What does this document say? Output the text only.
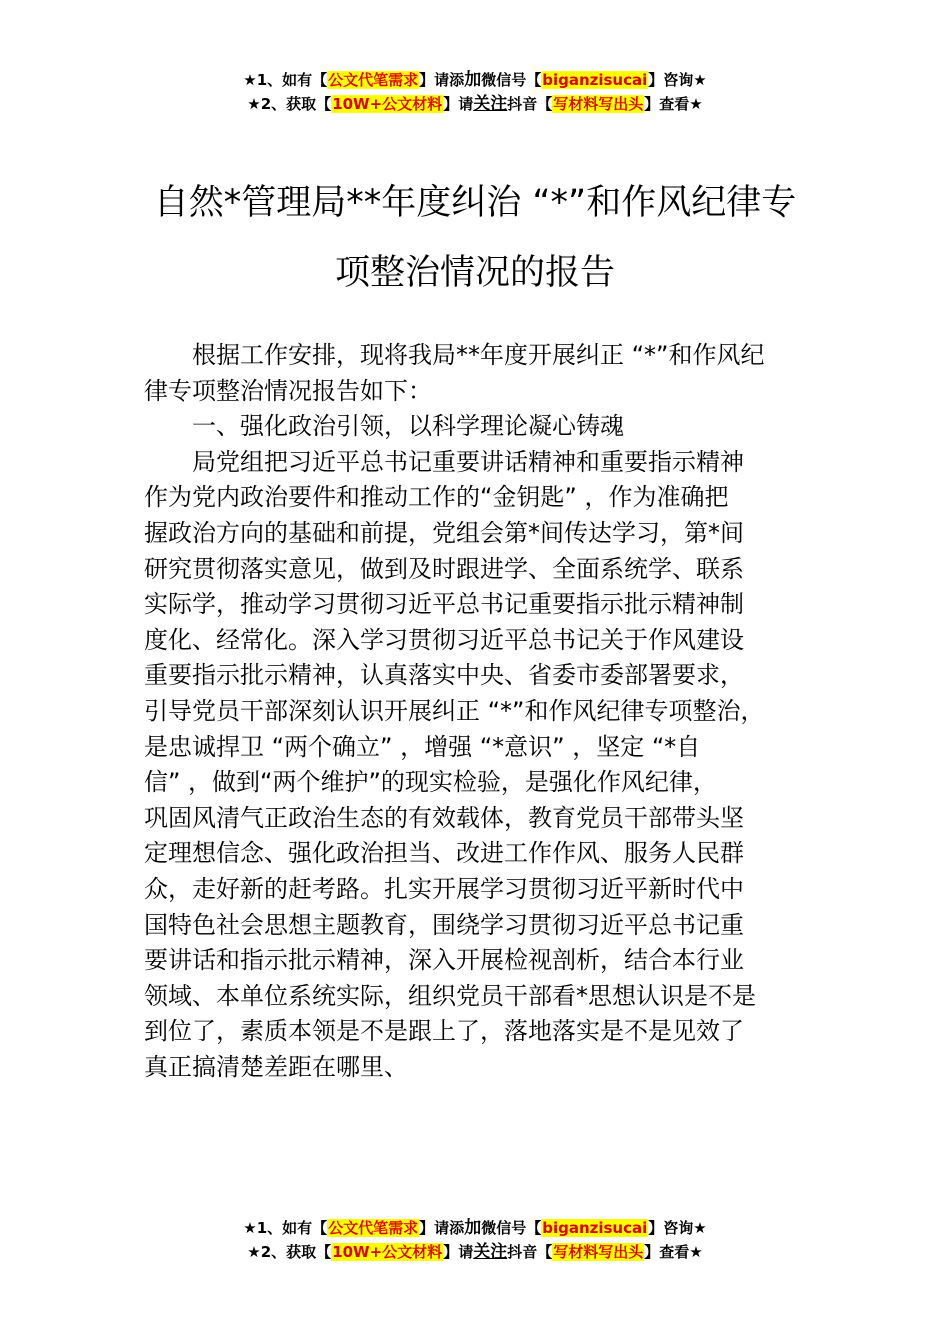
★1、如有【公文代笔需求】请添加微信号【biganzisucai】咨询★
★2、获取【10W+公文材料】请关注抖音【写材料写出头】查看★
自然*管理局**年度纠治 “*”和作风纪律专
项整治情况的报告
根据工作安排，现将我局**年度开展纠正 “*”和作风纪
律专项整治情况报告如下：
一、强化政治引领，以科学理论凝心铸魂
局党组把习近平总书记重要讲话精神和重要指示精神
作为党内政治要件和推动工作的“金钥匙” ，作为准确把
握政治方向的基础和前提，党组会第*间传达学习，第*间
研究贯彻落实意见，做到及时跟进学、全面系统学、联系
实际学，推动学习贯彻习近平总书记重要指示批示精神制
度化、经常化。深入学习贯彻习近平总书记关于作风建设
重要指示批示精神，认真落实中央、省委市委部署要求，
引导党员干部深刻认识开展纠正 “*”和作风纪律专项整治，
是忠诚捍卫 “两个确立” ，增强 “*意识” ，坚定 “*自
信” ，做到“两个维护”的现实检验，是强化作风纪律，
巩固风清气正政治生态的有效载体，教育党员干部带头坚
定理想信念、强化政治担当、改进工作作风、服务人民群
众，走好新的赶考路。扎实开展学习贯彻习近平新时代中
国特色社会思想主题教育，围绕学习贯彻习近平总书记重
要讲话和指示批示精神，深入开展检视剖析，结合本行业
领域、本单位系统实际，组织党员干部看*思想认识是不是
到位了，素质本领是不是跟上了，落地落实是不是见效了
真正搞清楚差距在哪里、
★1、如有【公文代笔需求】请添加微信号【biganzisucai】咨询★
★2、获取【10W+公文材料】请关注抖音【写材料写出头】查看★
